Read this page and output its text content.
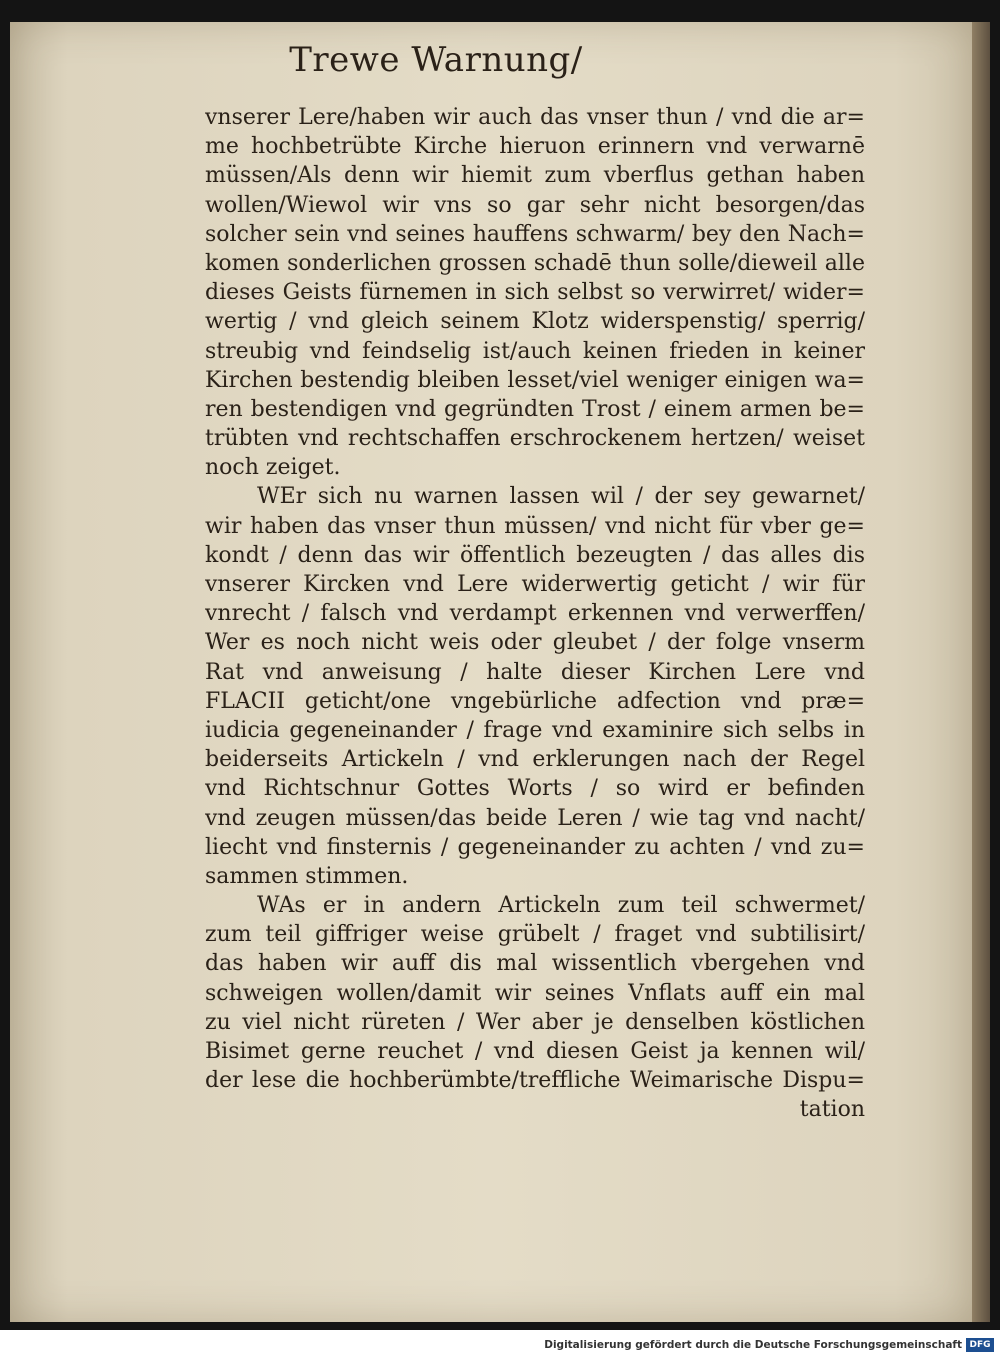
Trewe Warnung/
vnserer Lere/haben wir auch das vnser thun / vnd die ar=
me hochbetrübte Kirche hieruon erinnern vnd verwarnē
müssen/Als denn wir hiemit zum vberflus gethan haben
wollen/Wiewol wir vns so gar sehr nicht besorgen/das
solcher sein vnd seines hauffens schwarm/ bey den Nach=
komen sonderlichen grossen schadē thun solle/dieweil alle
dieses Geists fürnemen in sich selbst so verwirret/ wider=
wertig / vnd gleich seinem Klotz widerspenstig/ sperrig/
streubig vnd feindselig ist/auch keinen frieden in keiner
Kirchen bestendig bleiben lesset/viel weniger einigen wa=
ren bestendigen vnd gegründten Trost / einem armen be=
trübten vnd rechtschaffen erschrockenem hertzen/ weiset
noch zeiget.
WEr sich nu warnen lassen wil / der sey gewarnet/
wir haben das vnser thun müssen/ vnd nicht für vber ge=
kondt / denn das wir öffentlich bezeugten / das alles dis
vnserer Kircken vnd Lere widerwertig geticht / wir für
vnrecht / falsch vnd verdampt erkennen vnd verwerffen/
Wer es noch nicht weis oder gleubet / der folge vnserm
Rat vnd anweisung / halte dieser Kirchen Lere vnd
FLACII geticht/one vngebürliche adfection vnd præ=
iudicia gegeneinander / frage vnd examinire sich selbs in
beiderseits Artickeln / vnd erklerungen nach der Regel
vnd Richtschnur Gottes Worts / so wird er befinden
vnd zeugen müssen/das beide Leren / wie tag vnd nacht/
liecht vnd finsternis / gegeneinander zu achten / vnd zu=
sammen stimmen.
WAs er in andern Artickeln zum teil schwermet/
zum teil giffriger weise grübelt / fraget vnd subtilisirt/
das haben wir auff dis mal wissentlich vbergehen vnd
schweigen wollen/damit wir seines Vnflats auff ein mal
zu viel nicht rüreten / Wer aber je denselben köstlichen
Bisimet gerne reuchet / vnd diesen Geist ja kennen wil/
der lese die hochberümbte/treffliche Weimarische Dispu=
tation
Digitalisierung gefördert durch die Deutsche Forschungsgemeinschaft DFG
